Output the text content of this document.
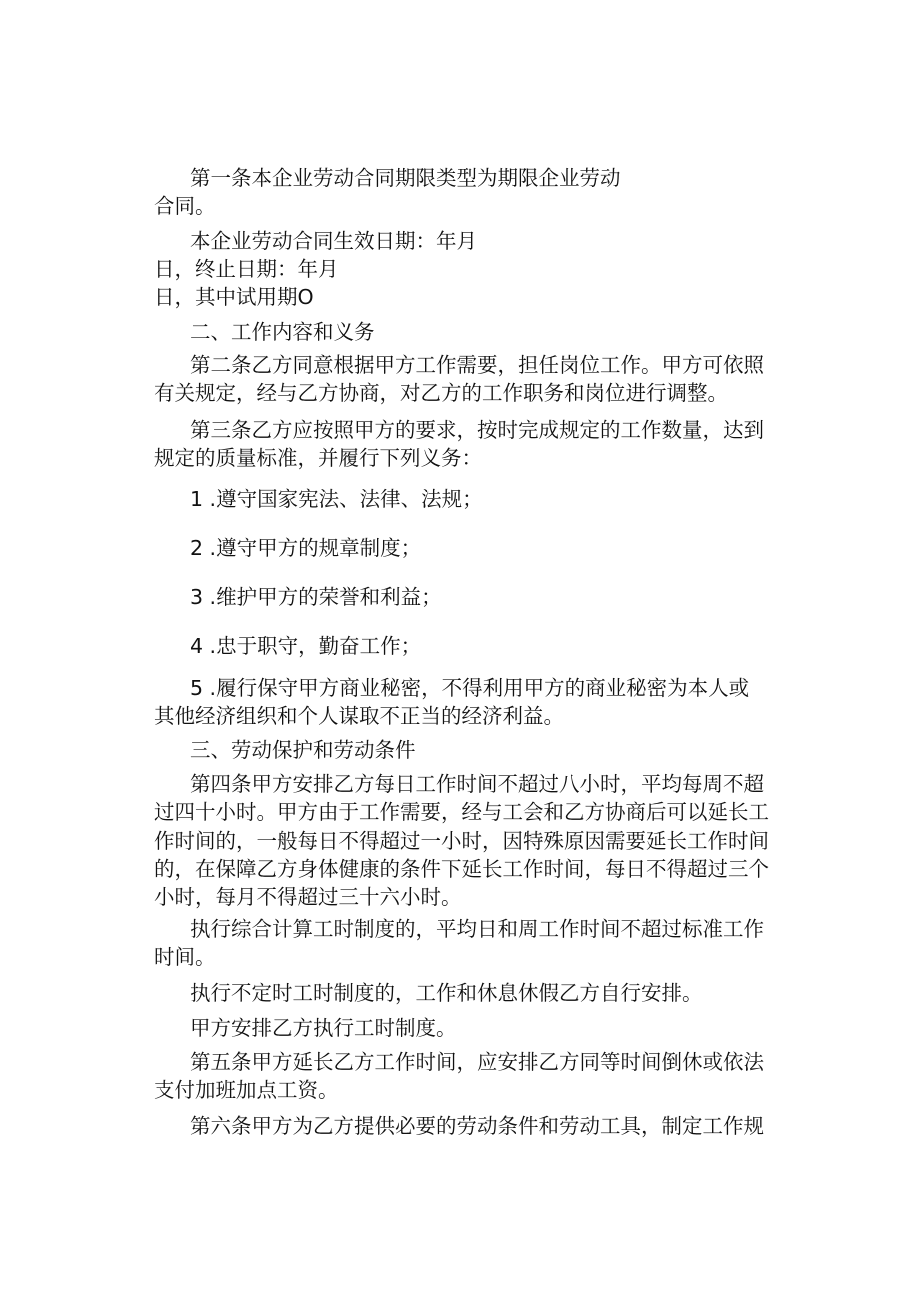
第一条本企业劳动合同期限类型为期限企业劳动

合同。

本企业劳动合同生效日期：年月

日，终止日期：年月

日，其中试用期O

二、工作内容和义务

第二条乙方同意根据甲方工作需要，担任岗位工作。甲方可依照

有关规定，经与乙方协商，对乙方的工作职务和岗位进行调整。

第三条乙方应按照甲方的要求，按时完成规定的工作数量，达到

规定的质量标准，并履行下列义务：

1 .遵守国家宪法、法律、法规；

2 .遵守甲方的规章制度；

3 .维护甲方的荣誉和利益；

4 .忠于职守，勤奋工作；

5 .履行保守甲方商业秘密，不得利用甲方的商业秘密为本人或

其他经济组织和个人谋取不正当的经济利益。

三、劳动保护和劳动条件

第四条甲方安排乙方每日工作时间不超过八小时，平均每周不超

过四十小时。甲方由于工作需要，经与工会和乙方协商后可以延长工

作时间的，一般每日不得超过一小时，因特殊原因需要延长工作时间

的，在保障乙方身体健康的条件下延长工作时间，每日不得超过三个

小时，每月不得超过三十六小时。

执行综合计算工时制度的，平均日和周工作时间不超过标准工作

时间。

执行不定时工时制度的，工作和休息休假乙方自行安排。

甲方安排乙方执行工时制度。

第五条甲方延长乙方工作时间，应安排乙方同等时间倒休或依法

支付加班加点工资。

第六条甲方为乙方提供必要的劳动条件和劳动工具，制定工作规
